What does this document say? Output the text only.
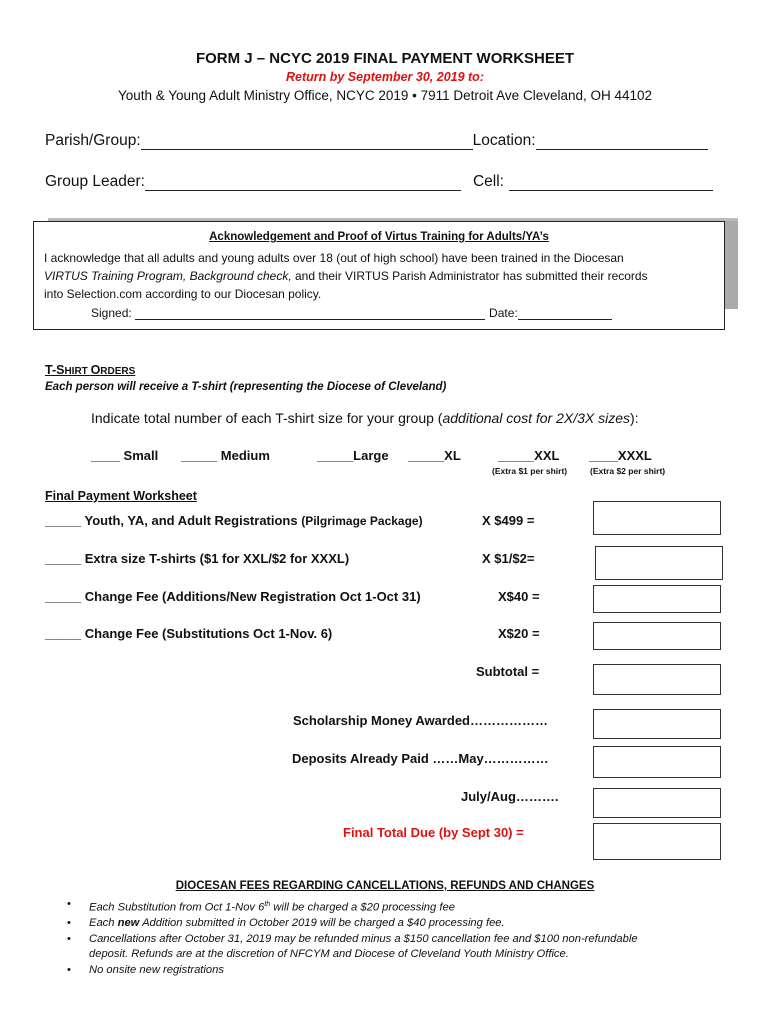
FORM J – NCYC 2019 FINAL PAYMENT WORKSHEET
Return by September 30, 2019 to:
Youth & Young Adult Ministry Office, NCYC 2019 • 7911 Detroit Ave Cleveland, OH 44102
Parish/Group:	Location:
Group Leader:	Cell:
Acknowledgement and Proof of Virtus Training for Adults/YA’s
I acknowledge that all adults and young adults over 18 (out of high school) have been trained in the Diocesan
VIRTUS Training Program, Background check, and their VIRTUS Parish Administrator has submitted their records
into Selection.com according to our Diocesan policy.
Signed:	Date:
T-SHIRT ORDERS
Each person will receive a T-shirt (representing the Diocese of Cleveland)
Indicate total number of each T-shirt size for your group (additional cost for 2X/3X sizes):
____ Small _____ Medium	_____Large _____XL	_____XXL ____XXXL
(Extra $1 per shirt)	(Extra $2 per shirt)
Final Payment Worksheet
_____ Youth, YA, and Adult Registrations (Pilgrimage Package)	X $499 =
_____ Extra size T-shirts ($1 for XXL/$2 for XXXL)	X $1/$2=
_____ Change Fee (Additions/New Registration Oct 1-Oct 31)	X$40 =
_____ Change Fee (Substitutions Oct 1-Nov. 6)	X$20 =
Subtotal =
Scholarship Money Awarded………………
Deposits Already Paid ……May……………
July/Aug……….
Final Total Due (by Sept 30) =
DIOCESAN FEES REGARDING CANCELLATIONS, REFUNDS AND CHANGES
• Each Substitution from Oct 1-Nov 6th will be charged a $20 processing fee
• Each new Addition submitted in October 2019 will be charged a $40 processing fee.
• Cancellations after October 31, 2019 may be refunded minus a $150 cancellation fee and $100 non-refundable
deposit. Refunds are at the discretion of NFCYM and Diocese of Cleveland Youth Ministry Office.
• No onsite new registrations
